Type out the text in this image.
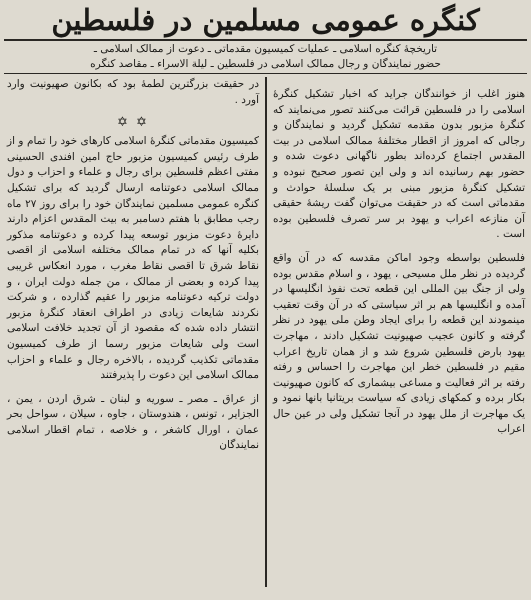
کنگره عمومی مسلمین در فلسطین
تاریخچهٔ کنگره اسلامی ـ عملیات کمیسیون مقدماتی ـ دعوت از ممالک اسلامی ـ
حضور نمایندگان و رجال ممالک اسلامی در فلسطین ـ لیلة الاسراء ـ مقاصد کنگره

هنوز اغلب از خوانندگان جراید که اخبار تشکیل کنگرهٔ اسلامی را در فلسطین قرائت می‌کنند تصور می‌نمایند که کنگرهٔ مزبور بدون مقدمه تشکیل گردید و نمایندگان و رجالی که امروز از اقطار مختلفهٔ ممالک اسلامی در بیت المقدس اجتماع کرده‌اند بطور ناگهانی دعوت شده و حضور بهم رسانیده اند و ولی این تصور صحیح نبوده و تشکیل کنگرهٔ مزبور مبنی بر یک سلسلهٔ حوادث و مقدماتی است که در حقیقت می‌توان گفت ریشهٔ حقیقی آن منازعه اعراب و یهود بر سر تصرف فلسطین بوده است .

فلسطین بواسطه وجود اماکن مقدسه که در آن واقع گردیده در نظر ملل مسیحی ، یهود ، و اسلام مقدس بوده ولی از جنگ بین المللی این قطعه تحت نفوذ انگلیسها در آمده و انگلیسها هم بر اثر سیاستی که در آن وقت تعقیب مینمودند این قطعه را برای ایجاد وطن ملی یهود در نظر گرفته و کانون عجیب صهیونیت تشکیل دادند ، مهاجرت یهود بارض فلسطین شروع شد و از همان تاریخ اعراب مقیم در فلسطین خطر این مهاجرت را احساس و رفته رفته بر اثر فعالیت و مساعی بیشماری که کانون صهیونیت بکار برده و کمکهای زیادی که سیاست بریتانیا بانها نمود و یک مهاجرت از ملل یهود در آنجا تشکیل ولی در عین حال اعراب

در حقیقت بزرگترین لطمهٔ بود که بکانون صهیونیت وارد آورد .

✡ ✡

کمیسیون مقدماتی کنگرهٔ اسلامی کارهای خود را تمام و از طرف رئیس کمیسیون مزبور حاج امین افندی الحسینی مفتی اعظم فلسطین برای رجال و علماء و احزاب و دول ممالک اسلامی دعوتنامه ارسال گردید که برای تشکیل کنگره عمومی مسلمین نمایندگان خود را برای روز ۲۷ ماه رجب مطابق با هفتم دسامبر به بیت المقدس اعزام دارند دایرهٔ دعوت مزبور توسعه پیدا کرده و دعوتنامه مذکور بکلیه آنها که در تمام ممالک مختلفه اسلامی از اقصی نقاط شرق تا اقصی نقاط مغرب ، مورد انعکاس غریبی پیدا کرده و بعضی از ممالک ، من جمله دولت ایران ، و دولت ترکیه دعوتنامه مزبور را عقیم گذارده ، و شرکت نکردند شایعات زیادی در اطراف انعقاد کنگرهٔ مزبور انتشار داده شده که مقصود از آن تجدید خلافت اسلامی است ولی شایعات مزبور رسما از طرف کمیسیون مقدماتی تکذیب گردیده ، بالاخره رجال و علماء و احزاب ممالک اسلامی این دعوت را پذیرفتند

از عراق ـ مصر ـ سوریه و لبنان ـ شرق اردن ، یمن ، الجزایر ، تونس ، هندوستان ، جاوه ، سیلان ، سواحل بحر عمان ، اورال کاشغر ، و خلاصه ، تمام اقطار اسلامی نمایندگان
